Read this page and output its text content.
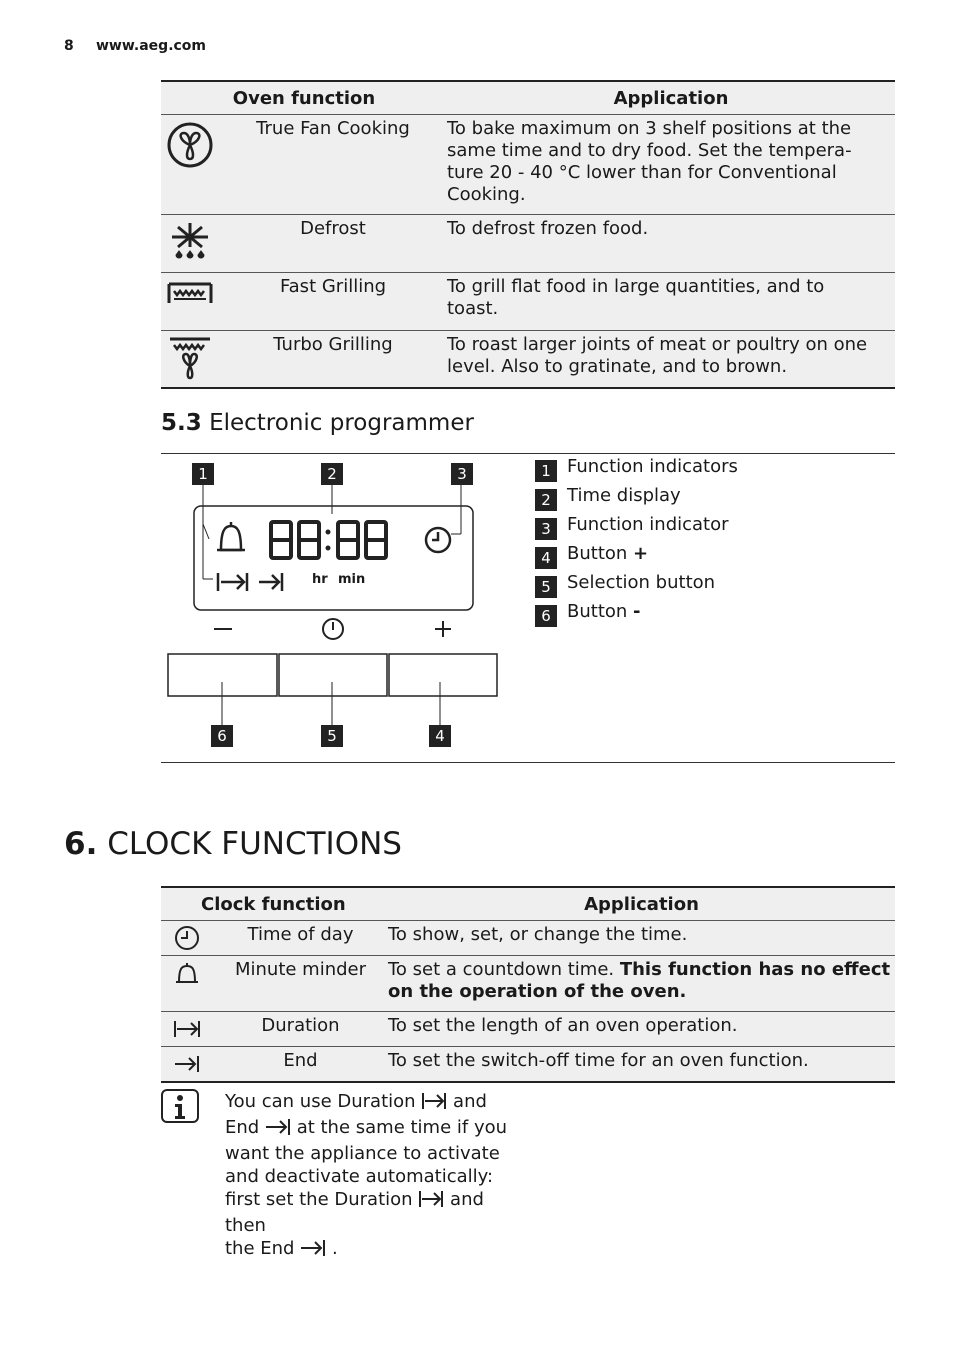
8 www.aeg.com
Oven function		Application

	True Fan Cooking	To bake maximum on 3 shelf positions at the
same time and to dry food. Set the tempera-
ture 20 - 40 °C lower than for Conventional
Cooking.

	Defrost	To defrost frozen food.

	Fast Grilling	To grill flat food in large quantities, and to
toast.

	Turbo Grilling	To roast larger joints of meat or poultry on one
level. Also to gratinate, and to brown.
5.3 Electronic programmer
hr min
1	2	3
6	5	4
1 Function indicators
2 Time display
3 Function indicator
4 Button +
5 Selection button
6 Button -
6. CLOCK FUNCTIONS
Clock function		Application

	Time of day	To show, set, or change the time.

	Minute minder	To set a countdown time. This function has no effect
on the operation of the oven.

	Duration	To set the length of an oven operation.

	End	To set the switch-off time for an oven function.
You can use Duration and
End at the same time if you
want the appliance to activate
and deactivate automatically:
first set the Duration and then
the End .
